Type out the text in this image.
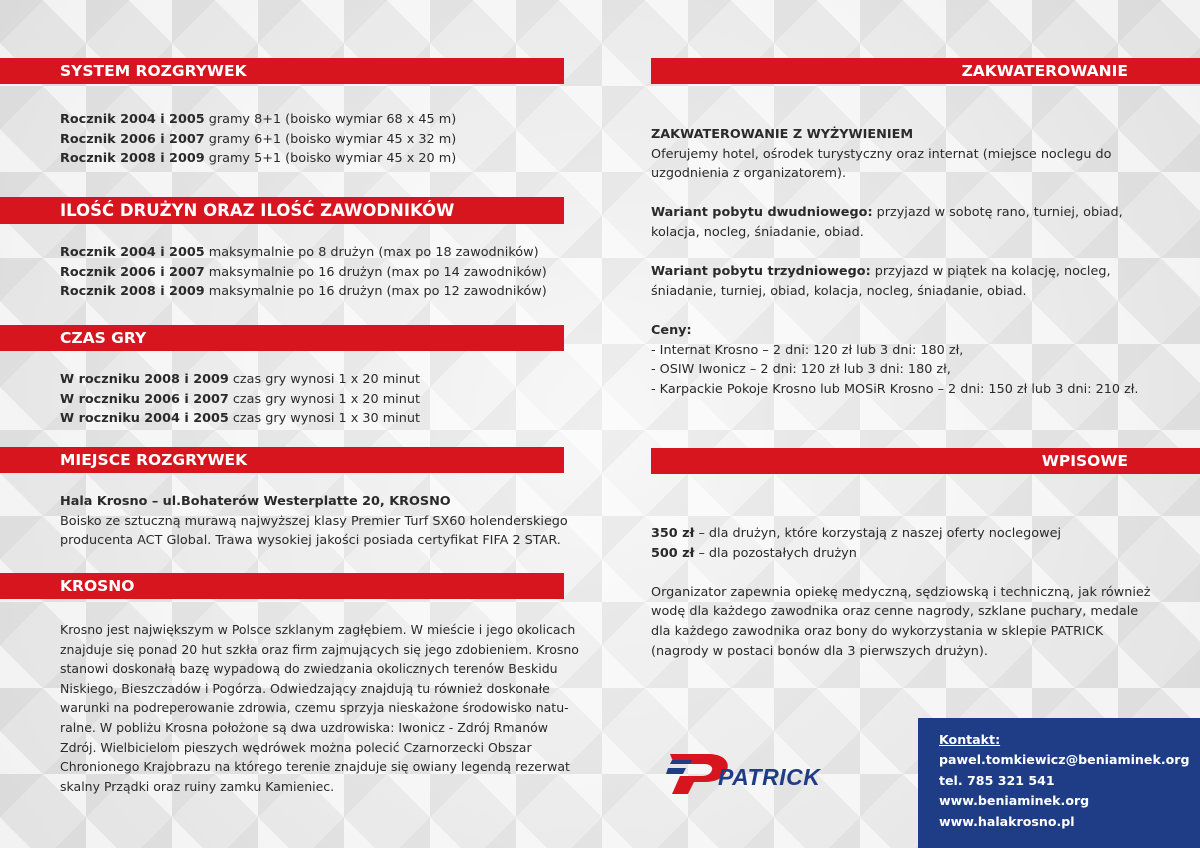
SYSTEM ROZGRYWEK

Rocznik 2004 i 2005 gramy 8+1 (boisko wymiar 68 x 45 m)

Rocznik 2006 i 2007 gramy 6+1 (boisko wymiar 45 x 32 m)

Rocznik 2008 i 2009 gramy 5+1 (boisko wymiar 45 x 20 m)

ILOŚĆ DRUŻYN ORAZ ILOŚĆ ZAWODNIKÓW

Rocznik 2004 i 2005 maksymalnie po 8 drużyn (max po 18 zawodników)

Rocznik 2006 i 2007 maksymalnie po 16 drużyn (max po 14 zawodników)

Rocznik 2008 i 2009 maksymalnie po 16 drużyn (max po 12 zawodników)

CZAS GRY

W roczniku 2008 i 2009 czas gry wynosi 1 x 20 minut

W roczniku 2006 i 2007 czas gry wynosi 1 x 20 minut

W roczniku 2004 i 2005 czas gry wynosi 1 x 30 minut

MIEJSCE ROZGRYWEK

Hala Krosno – ul.Bohaterów Westerplatte 20, KROSNO

Boisko ze sztuczną murawą najwyższej klasy Premier Turf SX60 holenderskiego

producenta ACT Global. Trawa wysokiej jakości posiada certyfikat FIFA 2 STAR.

KROSNO

Krosno jest największym w Polsce szklanym zagłębiem. W mieście i jego okolicach

znajduje się ponad 20 hut szkła oraz firm zajmujących się jego zdobieniem. Krosno

stanowi doskonałą bazę wypadową do zwiedzania okolicznych terenów Beskidu

Niskiego, Bieszczadów i Pogórza. Odwiedzający znajdują tu również doskonałe

warunki na podreperowanie zdrowia, czemu sprzyja nieskażone środowisko natu-

ralne. W pobliżu Krosna położone są dwa uzdrowiska: Iwonicz - Zdrój Rmanów

Zdrój. Wielbicielom pieszych wędrówek można polecić Czarnorzecki Obszar

Chronionego Krajobrazu na którego terenie znajduje się owiany legendą rezerwat

skalny Prządki oraz ruiny zamku Kamieniec.

ZAKWATEROWANIE

ZAKWATEROWANIE Z WYŻYWIENIEM

Oferujemy hotel, ośrodek turystyczny oraz internat (miejsce noclegu do

uzgodnienia z organizatorem).

Wariant pobytu dwudniowego: przyjazd w sobotę rano, turniej, obiad,

kolacja, nocleg, śniadanie, obiad.

Wariant pobytu trzydniowego: przyjazd w piątek na kolację, nocleg,

śniadanie, turniej, obiad, kolacja, nocleg, śniadanie, obiad.

Ceny:

- Internat Krosno – 2 dni: 120 zł lub 3 dni: 180 zł,

- OSIW Iwonicz – 2 dni: 120 zł lub 3 dni: 180 zł,

- Karpackie Pokoje Krosno lub MOSiR Krosno – 2 dni: 150 zł lub 3 dni: 210 zł.

WPISOWE

350 zł – dla drużyn, które korzystają z naszej oferty noclegowej

500 zł – dla pozostałych drużyn

Organizator zapewnia opiekę medyczną, sędziowską i techniczną, jak również

wodę dla każdego zawodnika oraz cenne nagrody, szklane puchary, medale

dla każdego zawodnika oraz bony do wykorzystania w sklepie PATRICK

(nagrody w postaci bonów dla 3 pierwszych drużyn).

PATRICK
Kontakt:
pawel.tomkiewicz@beniaminek.org
tel. 785 321 541
www.beniaminek.org
www.halakrosno.pl
